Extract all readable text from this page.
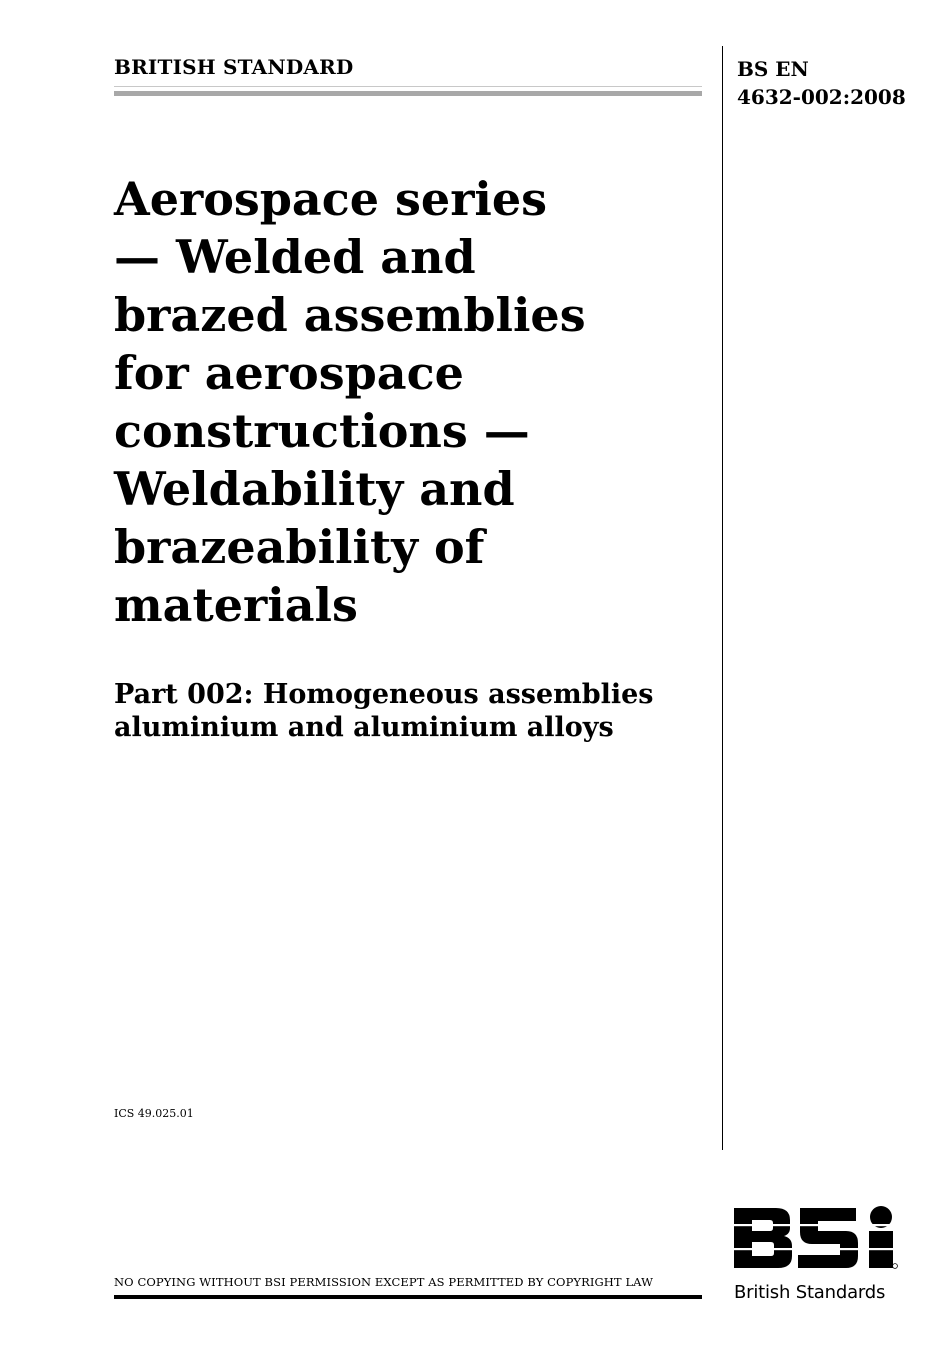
BRITISH STANDARD	BS EN
4632-002:2008
Aerospace series
— Welded and
brazed assemblies
for aerospace
constructions —
Weldability and
brazeability of
materials
Part 002: Homogeneous assemblies
aluminium and aluminium alloys
ICS 49.025.01
NO COPYING WITHOUT BSI PERMISSION EXCEPT AS PERMITTED BY COPYRIGHT LAW	British Standards
